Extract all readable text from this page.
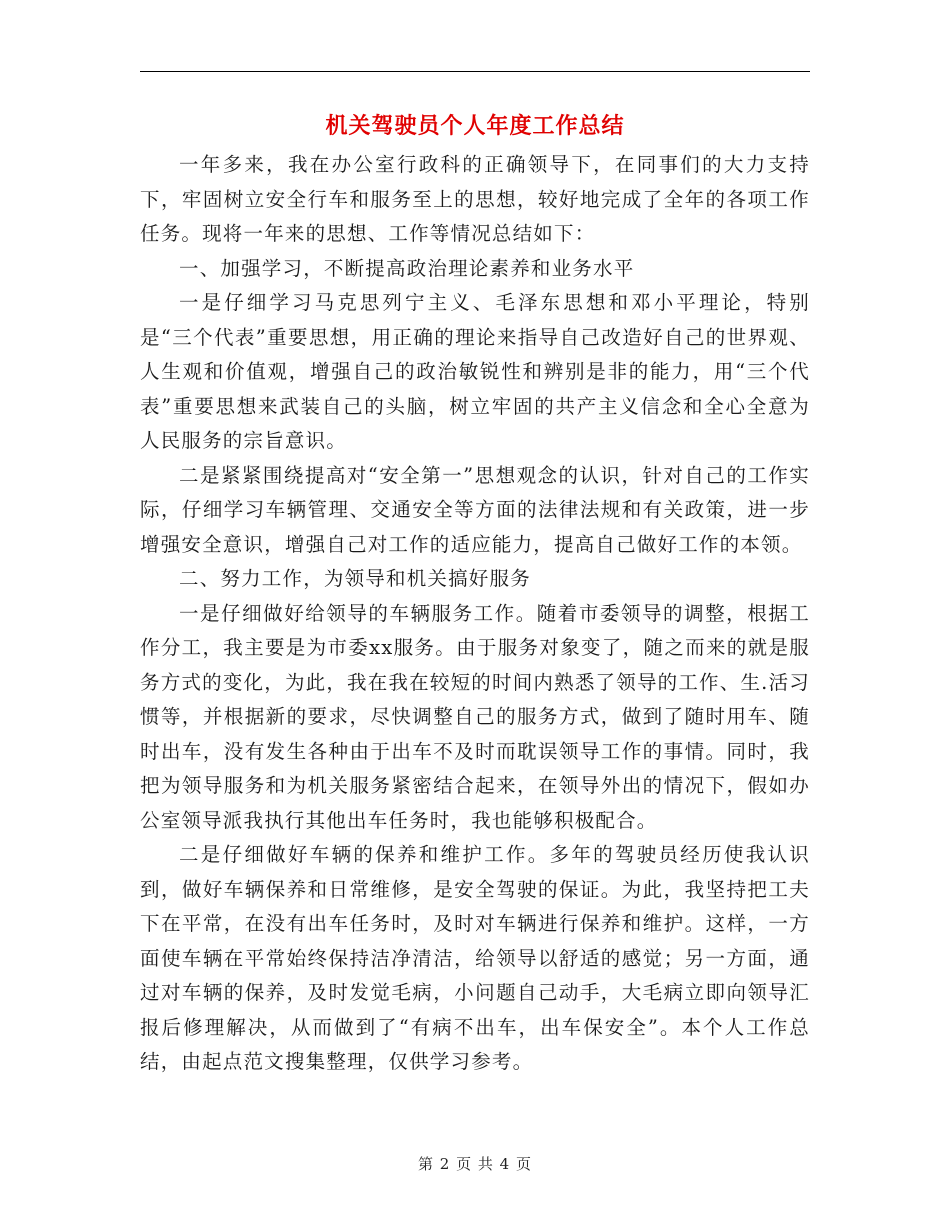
机关驾驶员个人年度工作总结

一年多来，我在办公室行政科的正确领导下，在同事们的大力支持下，牢固树立安全行车和服务至上的思想，较好地完成了全年的各项工作任务。现将一年来的思想、工作等情况总结如下：

一、加强学习，不断提高政治理论素养和业务水平

一是仔细学习马克思列宁主义、毛泽东思想和邓小平理论，特别是“三个代表”重要思想，用正确的理论来指导自己改造好自己的世界观、人生观和价值观，增强自己的政治敏锐性和辨别是非的能力，用“三个代表”重要思想来武装自己的头脑，树立牢固的共产主义信念和全心全意为人民服务的宗旨意识。

二是紧紧围绕提高对“安全第一”思想观念的认识，针对自己的工作实际，仔细学习车辆管理、交通安全等方面的法律法规和有关政策，进一步增强安全意识，增强自己对工作的适应能力，提高自己做好工作的本领。

二、努力工作，为领导和机关搞好服务

一是仔细做好给领导的车辆服务工作。随着市委领导的调整，根据工作分工，我主要是为市委xx服务。由于服务对象变了，随之而来的就是服务方式的变化，为此，我在我在较短的时间内熟悉了领导的工作、生.活习惯等，并根据新的要求，尽快调整自己的服务方式，做到了随时用车、随时出车，没有发生各种由于出车不及时而耽误领导工作的事情。同时，我把为领导服务和为机关服务紧密结合起来，在领导外出的情况下，假如办公室领导派我执行其他出车任务时，我也能够积极配合。

二是仔细做好车辆的保养和维护工作。多年的驾驶员经历使我认识到，做好车辆保养和日常维修，是安全驾驶的保证。为此，我坚持把工夫下在平常，在没有出车任务时，及时对车辆进行保养和维护。这样，一方面使车辆在平常始终保持洁净清洁，给领导以舒适的感觉；另一方面，通过对车辆的保养，及时发觉毛病，小问题自己动手，大毛病立即向领导汇报后修理解决，从而做到了“有病不出车，出车保安全”。本个人工作总结，由起点范文搜集整理，仅供学习参考。

第 2 页 共 4 页
